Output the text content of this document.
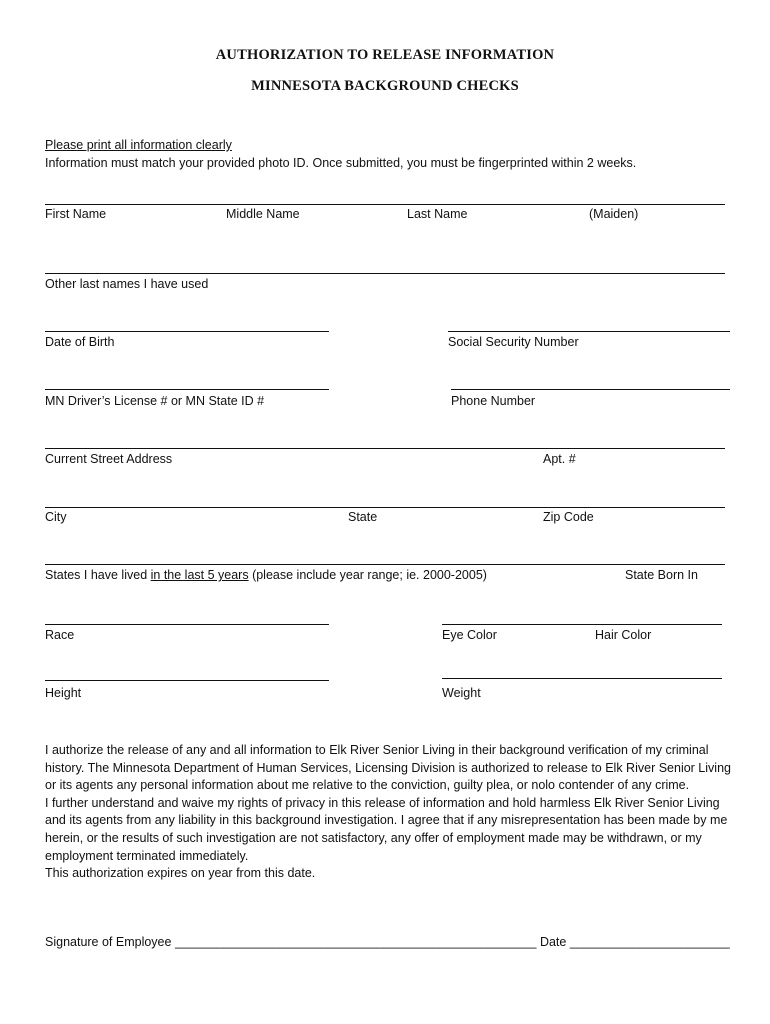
AUTHORIZATION TO RELEASE INFORMATION
MINNESOTA BACKGROUND CHECKS
Please print all information clearly
Information must match your provided photo ID. Once submitted, you must be fingerprinted within 2 weeks.
First Name	Middle Name	Last Name	(Maiden)
Other last names I have used
Date of Birth	Social Security Number
MN Driver’s License # or MN State ID #	Phone Number
Current Street Address	Apt. #
City	State	Zip Code
States I have lived in the last 5 years (please include year range; ie. 2000-2005)	State Born In
Race	Eye Color	Hair Color
Height	Weight

I authorize the release of any and all information to Elk River Senior Living in their background verification of my criminal history. The Minnesota Department of Human Services, Licensing Division is authorized to release to Elk River Senior Living or its agents any personal information about me relative to the conviction, guilty plea, or nolo contender of any crime.

I further understand and waive my rights of privacy in this release of information and hold harmless Elk River Senior Living and its agents from any liability in this background investigation. I agree that if any misrepresentation has been made by me herein, or the results of such investigation are not satisfactory, any offer of employment made may be withdrawn, or my employment terminated immediately.

This authorization expires on year from this date.

Signature of Employee ____________________________________________________ Date _______________________
